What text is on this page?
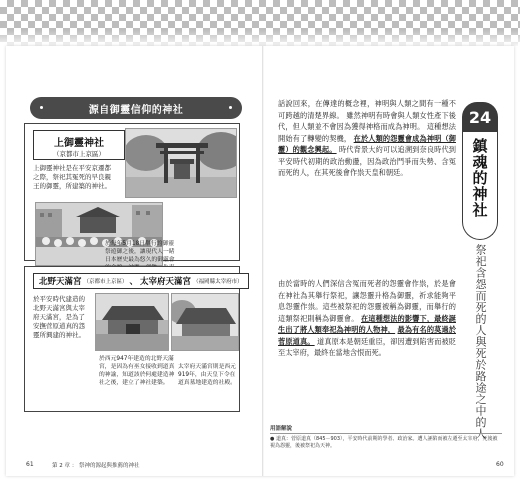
源自御靈信仰的神社
上御靈神社
（京都市上京區）
上御靈神社是在平安京遷都之際，祭祀其冤死的早良親王的御靈，所建築的神社。
於每年5月18日舉行的御靈祭遊御之後，讓現代人一睹日本歷史最為悠久的御靈會
北野天滿宮 （京都市上京區） 、 太宰府天滿宮 （福岡縣太宰府市）
於平安時代建造的北野天滿宮與太宰府天滿宮，是為了安撫菅原道真的怨靈所興建的神社。
於西元947年建造的北野天滿宮，是因為有巫女接收到道真的神諭，知道該於何處建造神社之後，建立了神社建築。
太宰府天滿宮則是西元919年，由天皇下令在道真墓地建造的社殿。
61	第 2 章 ： 祭神的源起與推薦的神社
24
鎮魂的神社
祭祀含怨而死的人與死於路途之中的人

話說回來，在傳達的概念裡，神明與人類之間有一種不可跨越的清楚界線。 雖然神明有時會與人類女性產下後代，但人類並不會因為獲得神格而成為神明。 這種想法開始有了轉變的契機， 在於人類的怨靈會成為神明（御靈）的觀念興起。 時代背景大約可以追溯到奈良時代到平安時代初期的政治動盪，因為政治鬥爭而失勢、含冤而死的人，在其死後會作祟天皇和朝廷。

由於當時的人們深信含冤而死者的怨靈會作祟，於是會在神社為其舉行祭祀，讓怨靈升格為御靈，祈求能夠平息怨靈作祟。這些被祭祀的怨靈被稱為御靈，而舉行的這類祭祀則稱為御靈會。 在這種想法的影響下，最終誕生出了將人類奉祀為神明的人物神， 最為有名的莫過於菅原道真。 道真原本是朝廷重臣，卻因遭到陷害而被貶至太宰府，最終在當地含恨而死。

用語解說
● 道真：菅原道真（845－903），平安時代前期的學者、政治家。遭人誣陷而被左遷至太宰府，死後被視為怨靈，後被祭祀為天神。
60
